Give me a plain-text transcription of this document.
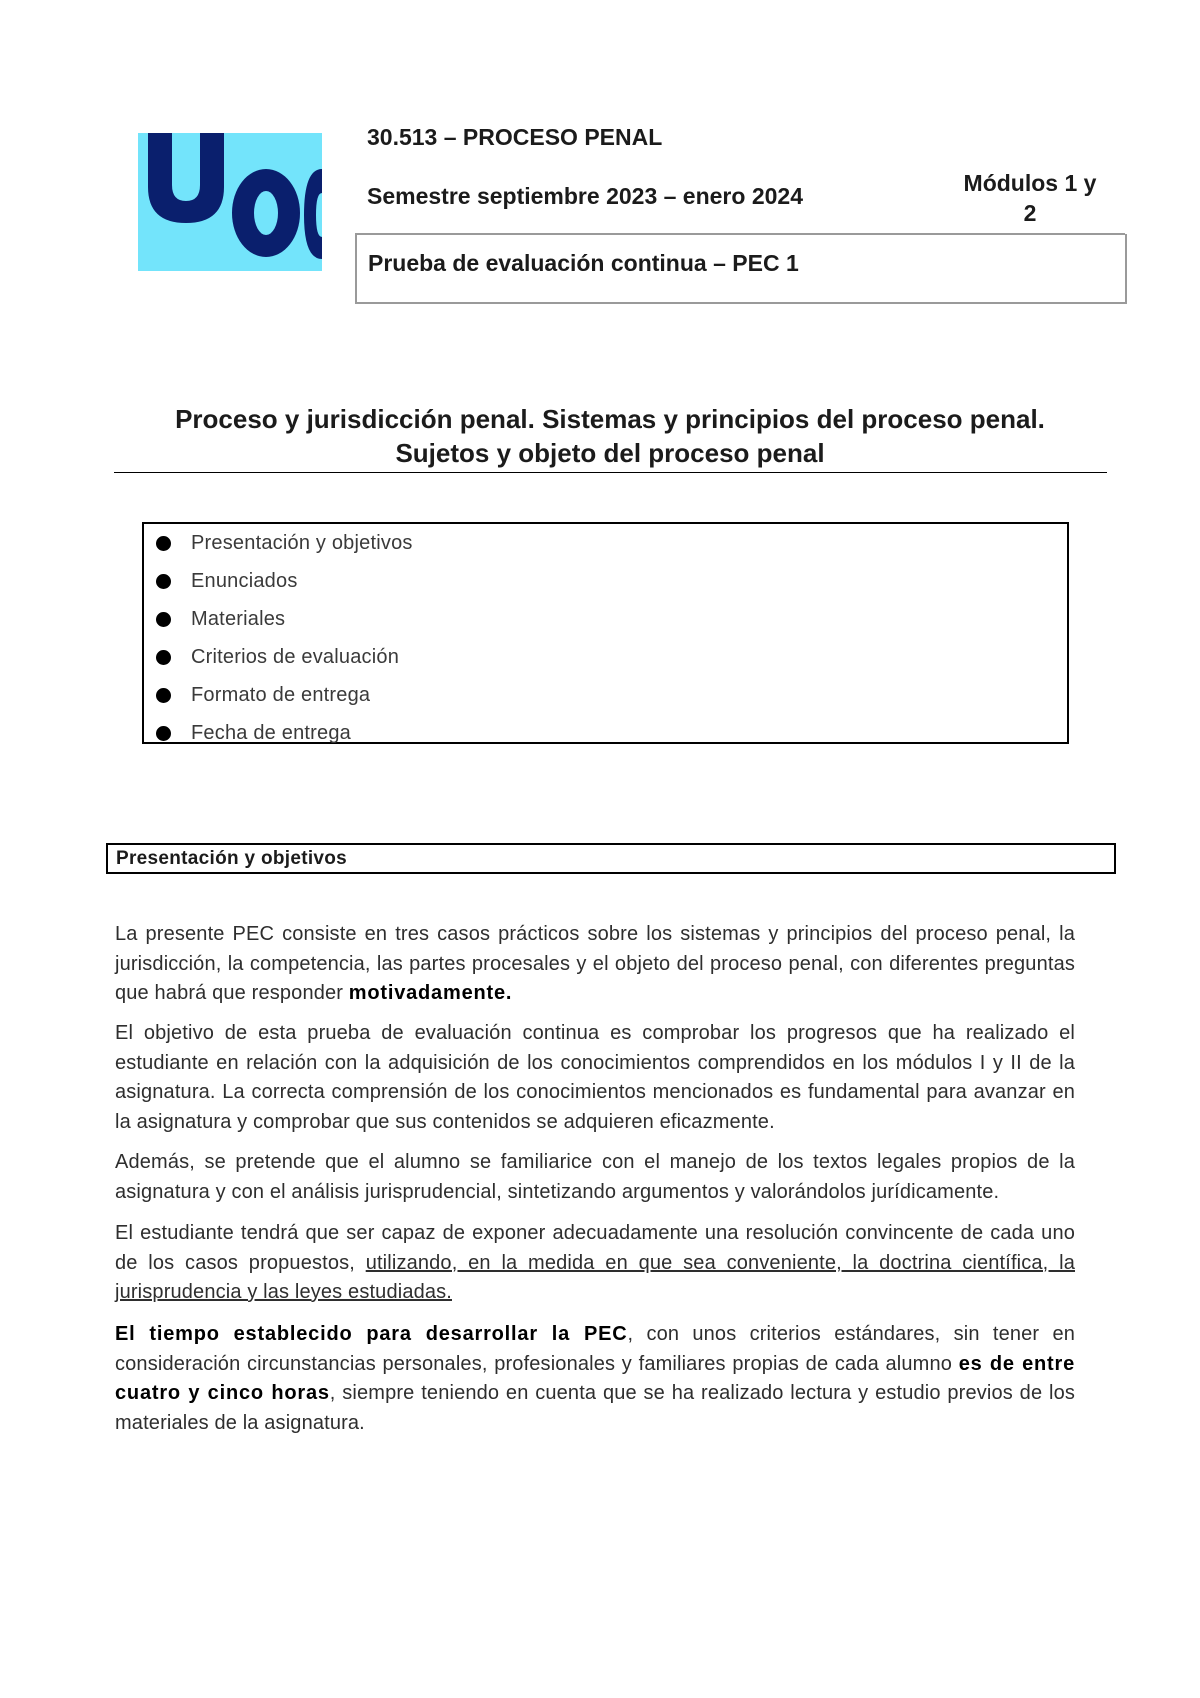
30.513 – PROCESO PENAL
Semestre septiembre 2023 – enero 2024	Módulos 1 y
2
Prueba de evaluación continua – PEC 1
Proceso y jurisdicción penal. Sistemas y principios del proceso penal.
Sujetos y objeto del proceso penal
Presentación y objetivos
Enunciados
Materiales
Criterios de evaluación
Formato de entrega
Fecha de entrega
Presentación y objetivos
La presente PEC consiste en tres casos prácticos sobre los sistemas y principios del proceso penal, la jurisdicción, la competencia, las partes procesales y el objeto del proceso penal, con diferentes preguntas que habrá que responder motivadamente.
El objetivo de esta prueba de evaluación continua es comprobar los progresos que ha realizado el estudiante en relación con la adquisición de los conocimientos comprendidos en los módulos I y II de la asignatura. La correcta comprensión de los conocimientos mencionados es fundamental para avanzar en la asignatura y comprobar que sus contenidos se adquieren eficazmente.
Además, se pretende que el alumno se familiarice con el manejo de los textos legales propios de la asignatura y con el análisis jurisprudencial, sintetizando argumentos y valorándolos jurídicamente.
El estudiante tendrá que ser capaz de exponer adecuadamente una resolución convincente de cada uno de los casos propuestos, utilizando, en la medida en que sea conveniente, la doctrina científica, la jurisprudencia y las leyes estudiadas.
El tiempo establecido para desarrollar la PEC, con unos criterios estándares, sin tener en consideración circunstancias personales, profesionales y familiares propias de cada alumno es de entre cuatro y cinco horas, siempre teniendo en cuenta que se ha realizado lectura y estudio previos de los materiales de la asignatura.
